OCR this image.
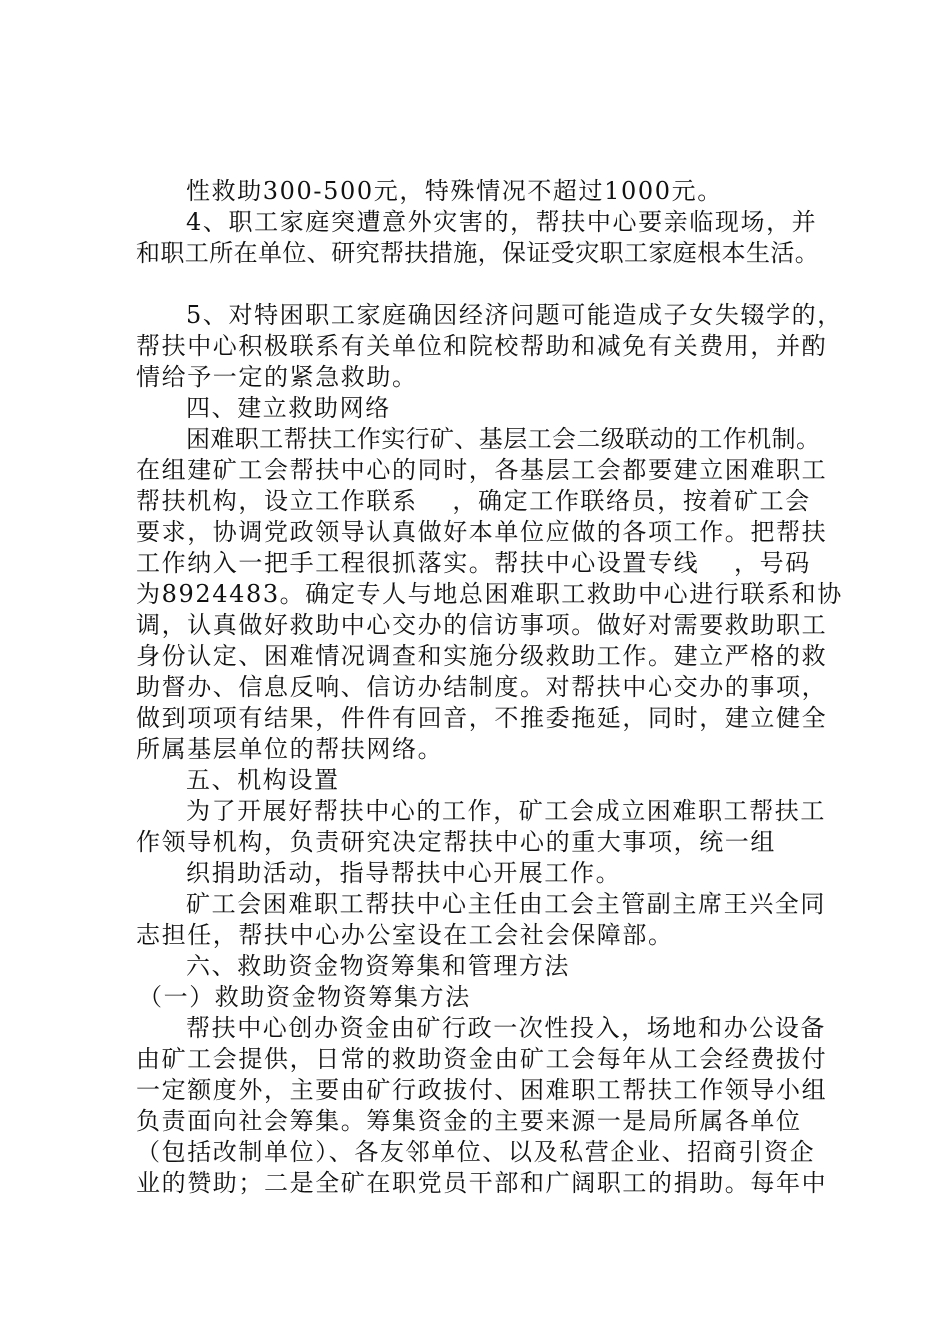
性救助300-500元，特殊情况不超过1000元。

4、职工家庭突遭意外灾害的，帮扶中心要亲临现场，并

和职工所在单位、研究帮扶措施，保证受灾职工家庭根本生活。

5、对特困职工家庭确因经济问题可能造成子女失辍学的，

帮扶中心积极联系有关单位和院校帮助和减免有关费用，并酌

情给予一定的紧急救助。

四、建立救助网络

困难职工帮扶工作实行矿、基层工会二级联动的工作机制。

在组建矿工会帮扶中心的同时，各基层工会都要建立困难职工

帮扶机构，设立工作联系　 ，确定工作联络员，按着矿工会

要求，协调党政领导认真做好本单位应做的各项工作。把帮扶

工作纳入一把手工程很抓落实。帮扶中心设置专线　 ，号码

为8924483。确定专人与地总困难职工救助中心进行联系和协

调，认真做好救助中心交办的信访事项。做好对需要救助职工

身份认定、困难情况调查和实施分级救助工作。建立严格的救

助督办、信息反响、信访办结制度。对帮扶中心交办的事项，

做到项项有结果，件件有回音，不推委拖延，同时，建立健全

所属基层单位的帮扶网络。

五、机构设置

为了开展好帮扶中心的工作，矿工会成立困难职工帮扶工

作领导机构，负责研究决定帮扶中心的重大事项，统一组

织捐助活动，指导帮扶中心开展工作。

矿工会困难职工帮扶中心主任由工会主管副主席王兴全同

志担任，帮扶中心办公室设在工会社会保障部。

六、救助资金物资筹集和管理方法

（一）救助资金物资筹集方法

帮扶中心创办资金由矿行政一次性投入，场地和办公设备

由矿工会提供，日常的救助资金由矿工会每年从工会经费拔付

一定额度外，主要由矿行政拔付、困难职工帮扶工作领导小组

负责面向社会筹集。筹集资金的主要来源一是局所属各单位

（包括改制单位）、各友邻单位、以及私营企业、招商引资企

业的赞助；二是全矿在职党员干部和广阔职工的捐助。每年中
